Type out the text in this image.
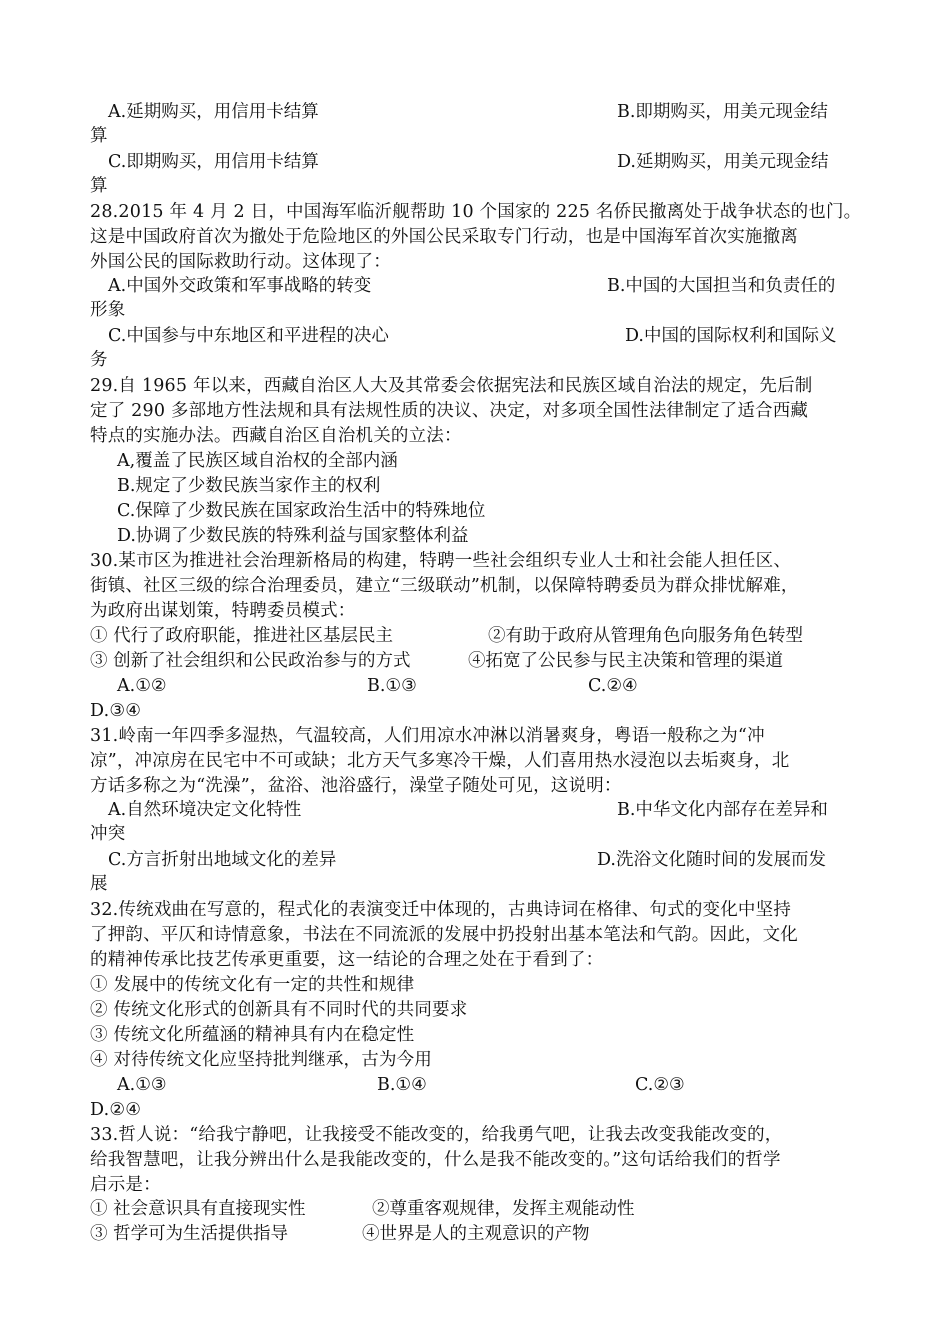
A.延期购买，用信用卡结算	B.即期购买，用美元现金结
算
C.即期购买，用信用卡结算	D.延期购买，用美元现金结
算
28.2015 年 4 月 2 日，中国海军临沂舰帮助 10 个国家的 225 名侨民撤离处于战争状态的也门。
这是中国政府首次为撤处于危险地区的外国公民采取专门行动，也是中国海军首次实施撤离
外国公民的国际救助行动。这体现了：
A.中国外交政策和军事战略的转变	B.中国的大国担当和负责任的
形象
C.中国参与中东地区和平进程的决心	D.中国的国际权利和国际义
务
29.自 1965 年以来，西藏自治区人大及其常委会依据宪法和民族区域自治法的规定，先后制
定了 290 多部地方性法规和具有法规性质的决议、决定，对多项全国性法律制定了适合西藏
特点的实施办法。西藏自治区自治机关的立法：
A,覆盖了民族区域自治权的全部内涵
B.规定了少数民族当家作主的权利
C.保障了少数民族在国家政治生活中的特殊地位
D.协调了少数民族的特殊利益与国家整体利益
30.某市区为推进社会治理新格局的构建，特聘一些社会组织专业人士和社会能人担任区、
街镇、社区三级的综合治理委员，建立“三级联动”机制，以保障特聘委员为群众排忧解难，
为政府出谋划策，特聘委员模式：
① 代行了政府职能，推进社区基层民主	②有助于政府从管理角色向服务角色转型
③ 创新了社会组织和公民政治参与的方式	④拓宽了公民参与民主决策和管理的渠道
A.①②	B.①③	C.②④
D.③④
31.岭南一年四季多湿热，气温较高，人们用凉水冲淋以消暑爽身，粤语一般称之为“冲
凉”，冲凉房在民宅中不可或缺；北方天气多寒冷干燥，人们喜用热水浸泡以去垢爽身，北
方话多称之为“洗澡”，盆浴、池浴盛行，澡堂子随处可见，这说明：
A.自然环境决定文化特性	B.中华文化内部存在差异和
冲突
C.方言折射出地域文化的差异	D.洗浴文化随时间的发展而发
展
32.传统戏曲在写意的，程式化的表演变迁中体现的，古典诗词在格律、句式的变化中坚持
了押韵、平仄和诗情意象，书法在不同流派的发展中扔投射出基本笔法和气韵。因此，文化
的精神传承比技艺传承更重要，这一结论的合理之处在于看到了：
① 发展中的传统文化有一定的共性和规律
② 传统文化形式的创新具有不同时代的共同要求
③ 传统文化所蕴涵的精神具有内在稳定性
④ 对待传统文化应坚持批判继承，古为今用
A.①③	B.①④	C.②③
D.②④
33.哲人说：“给我宁静吧，让我接受不能改变的，给我勇气吧，让我去改变我能改变的，
给我智慧吧，让我分辨出什么是我能改变的，什么是我不能改变的。”这句话给我们的哲学
启示是：
① 社会意识具有直接现实性	②尊重客观规律，发挥主观能动性
③ 哲学可为生活提供指导	④世界是人的主观意识的产物
